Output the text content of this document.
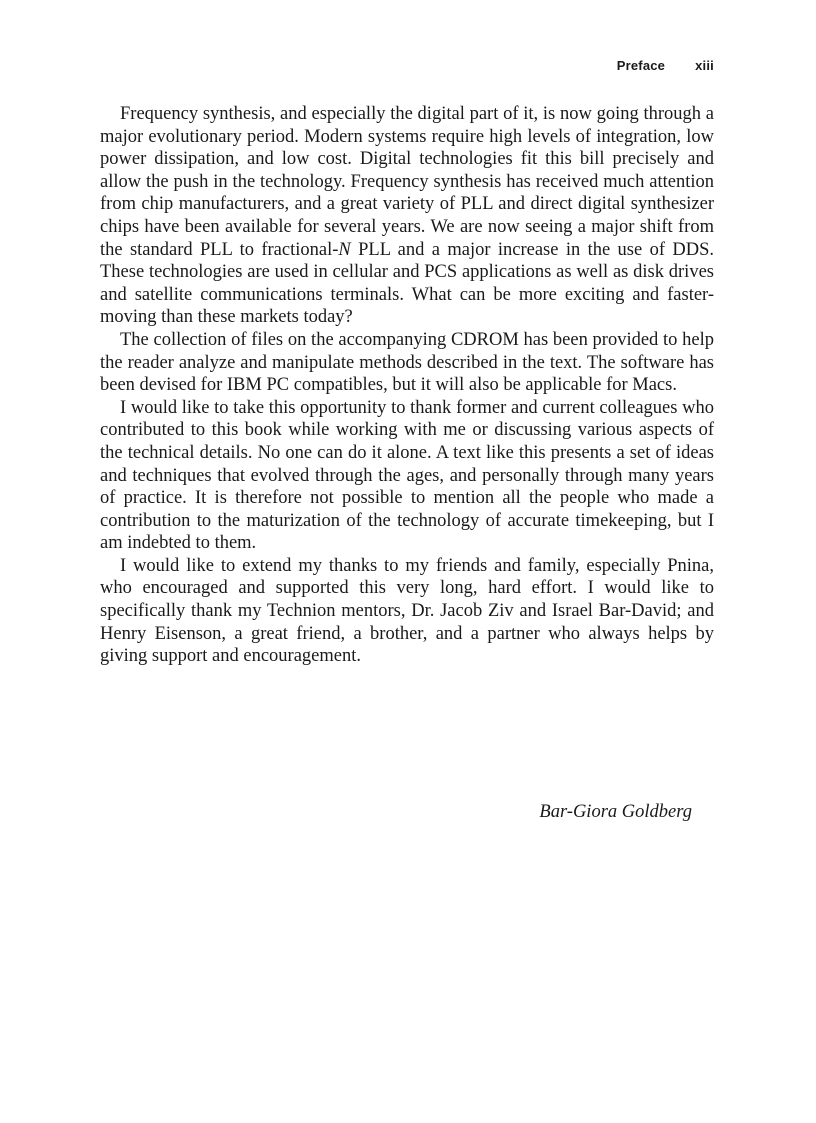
Preface xiii

Frequency synthesis, and especially the digital part of it, is now going through a major evolutionary period. Modern systems require high levels of integration, low power dissipation, and low cost. Digital technologies fit this bill precisely and allow the push in the technology. Frequency synthesis has received much attention from chip manufacturers, and a great variety of PLL and direct digital synthesizer chips have been available for several years. We are now seeing a major shift from the standard PLL to fractional-N PLL and a major increase in the use of DDS. These technologies are used in cellular and PCS applications as well as disk drives and satellite communications terminals. What can be more exciting and faster-moving than these markets today?

The collection of files on the accompanying CDROM has been provided to help the reader analyze and manipulate methods described in the text. The software has been devised for IBM PC compatibles, but it will also be applicable for Macs.

I would like to take this opportunity to thank former and current colleagues who contributed to this book while working with me or discussing various aspects of the technical details. No one can do it alone. A text like this presents a set of ideas and techniques that evolved through the ages, and personally through many years of practice. It is therefore not possible to mention all the people who made a contribution to the maturization of the technology of accurate timekeeping, but I am indebted to them.

I would like to extend my thanks to my friends and family, especially Pnina, who encouraged and supported this very long, hard effort. I would like to specifically thank my Technion mentors, Dr. Jacob Ziv and Israel Bar-David; and Henry Eisenson, a great friend, a brother, and a partner who always helps by giving support and encouragement.

Bar-Giora Goldberg
